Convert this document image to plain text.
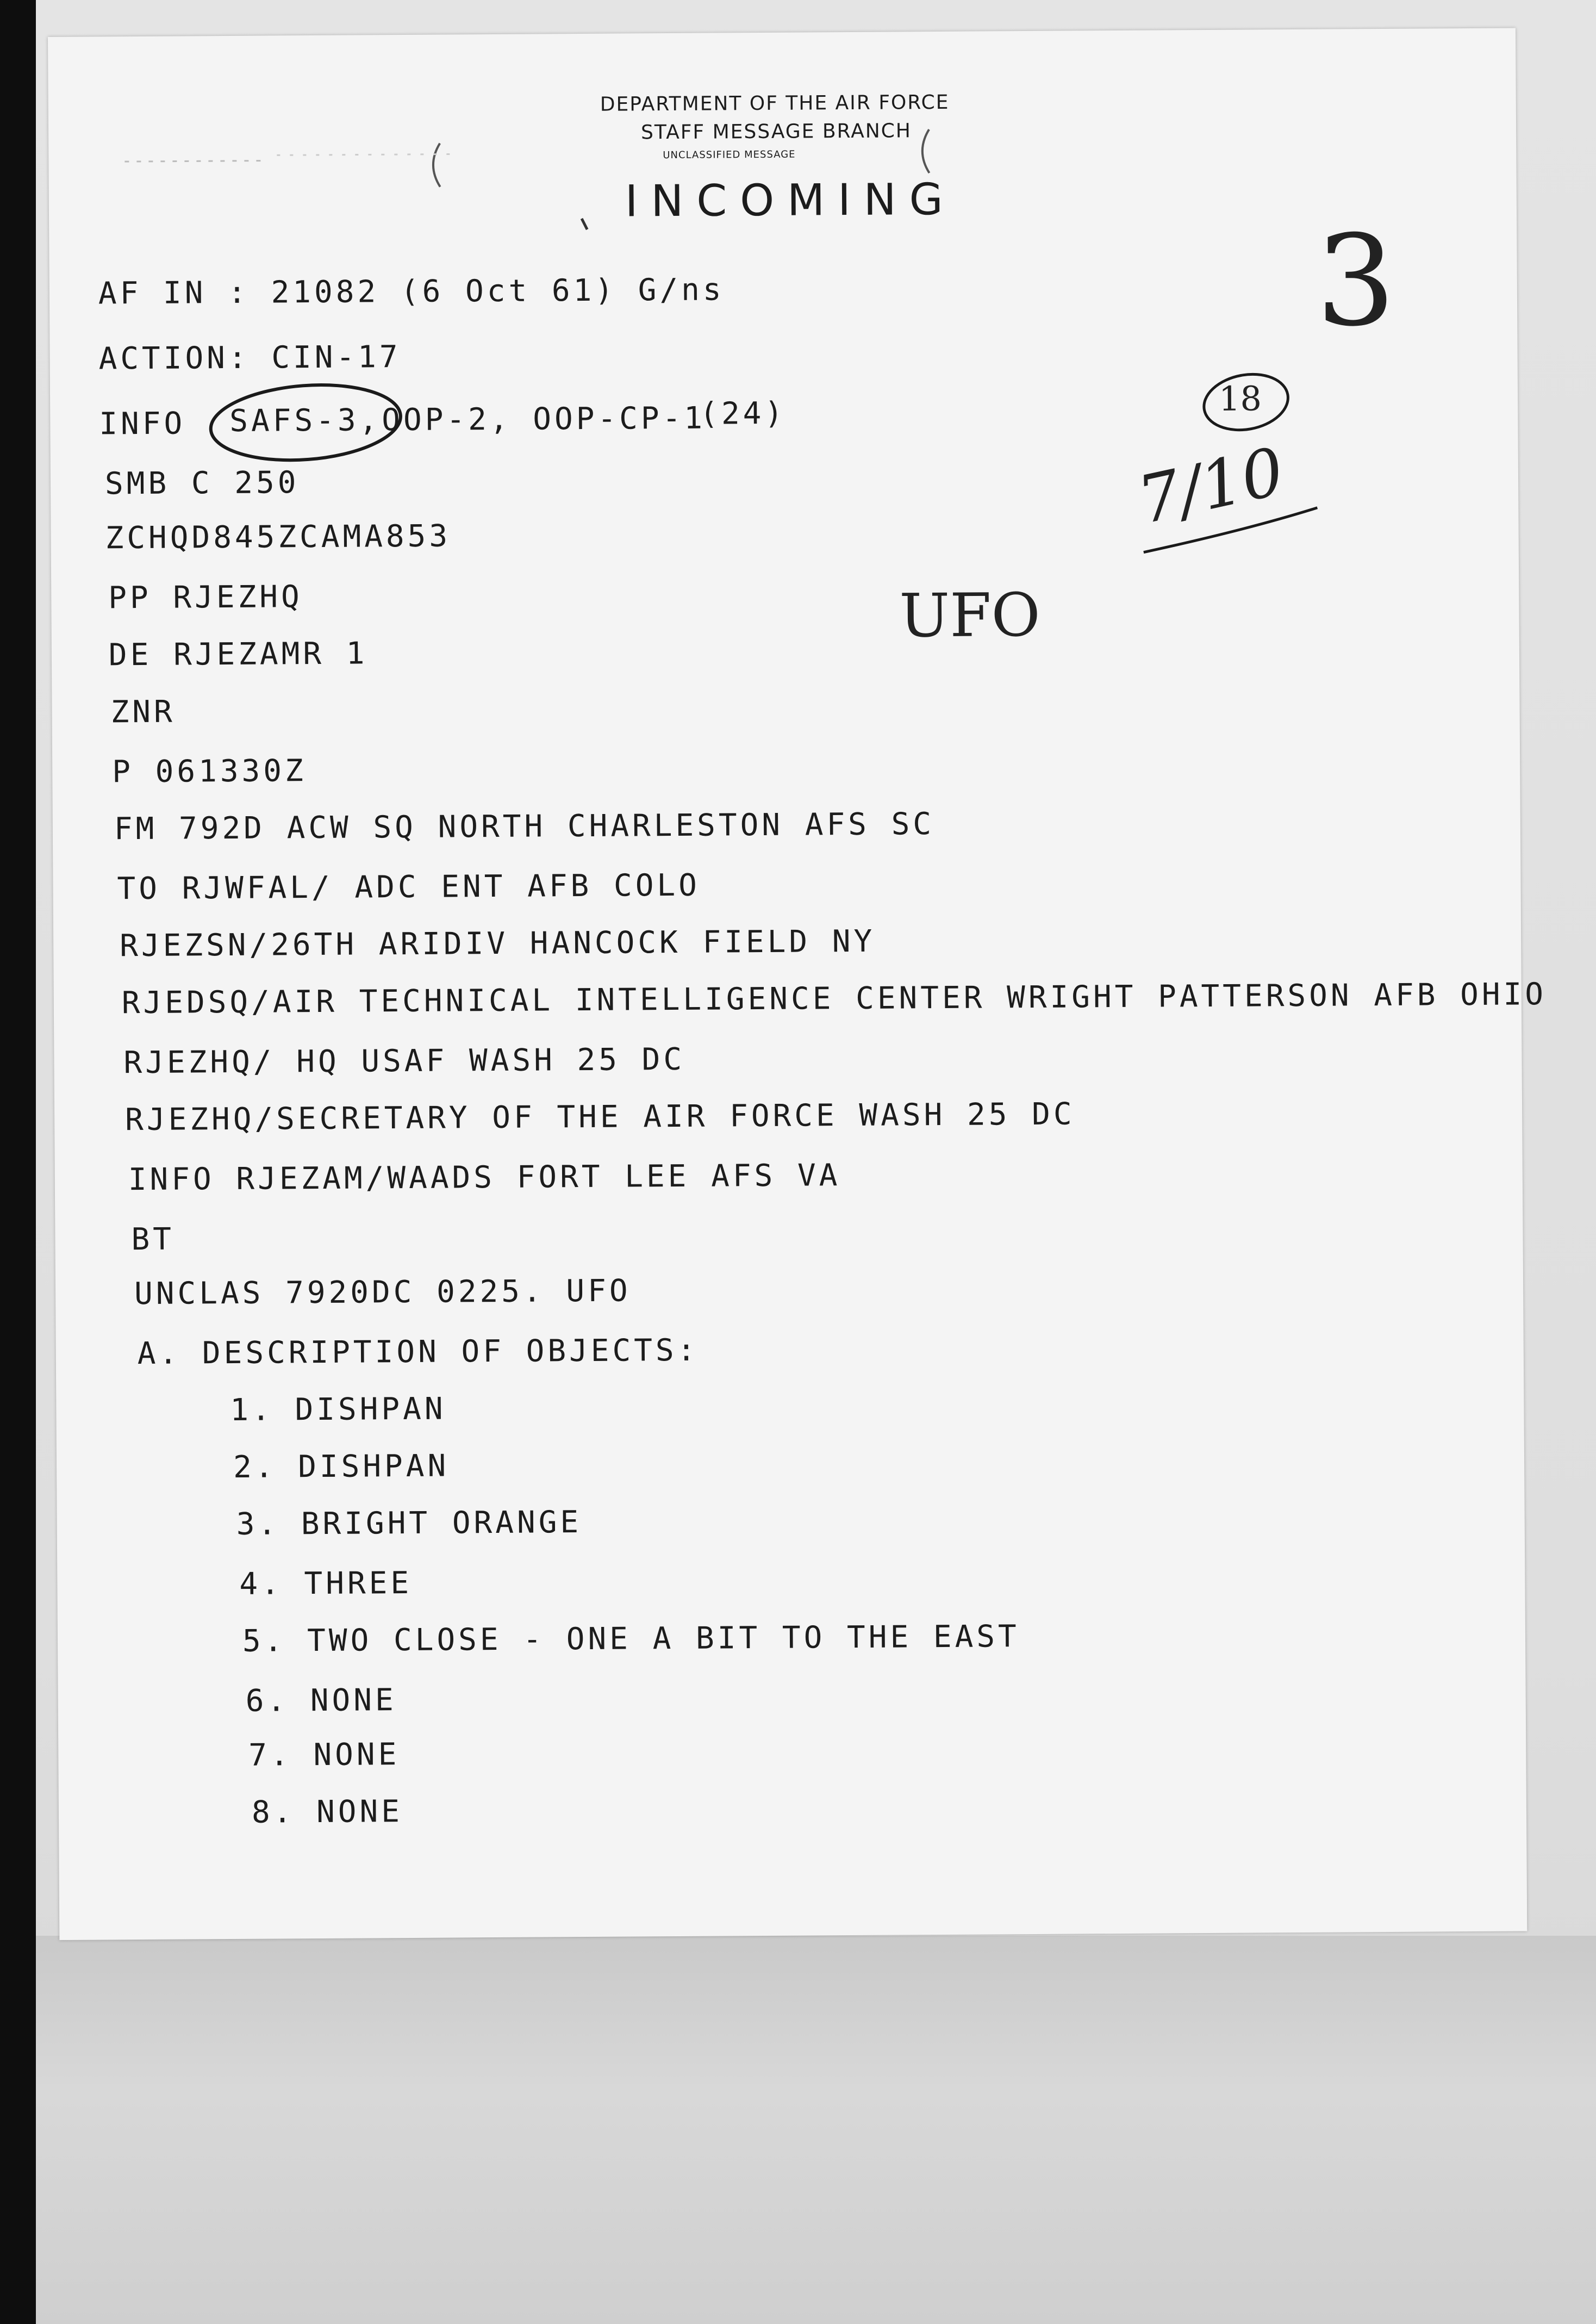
DEPARTMENT OF THE AIR FORCE
STAFF MESSAGE BRANCH
UNCLASSIFIED MESSAGE
INCOMING
AF IN : 21082 (6 Oct 61) G/ns
ACTION: CIN-17
INFO SAFS-3, OOP-2, OOP-CP-1
(24)
3
18
7/10
UFO
SMB C 250
ZCHQD845ZCAMA853
PP RJEZHQ
DE RJEZAMR 1
ZNR
P 061330Z
FM 792D ACW SQ NORTH CHARLESTON AFS SC
TO RJWFAL/ ADC ENT AFB COLO
RJEZSN/26TH ARIDIV HANCOCK FIELD NY
RJEDSQ/AIR TECHNICAL INTELLIGENCE CENTER WRIGHT PATTERSON AFB OHIO
RJEZHQ/ HQ USAF WASH 25 DC
RJEZHQ/SECRETARY OF THE AIR FORCE WASH 25 DC
INFO RJEZAM/WAADS FORT LEE AFS VA
BT
UNCLAS 7920DC 0225. UFO
A. DESCRIPTION OF OBJECTS:
1. DISHPAN
2. DISHPAN
3. BRIGHT ORANGE
4. THREE
5. TWO CLOSE - ONE A BIT TO THE EAST
6. NONE
7. NONE
8. NONE
